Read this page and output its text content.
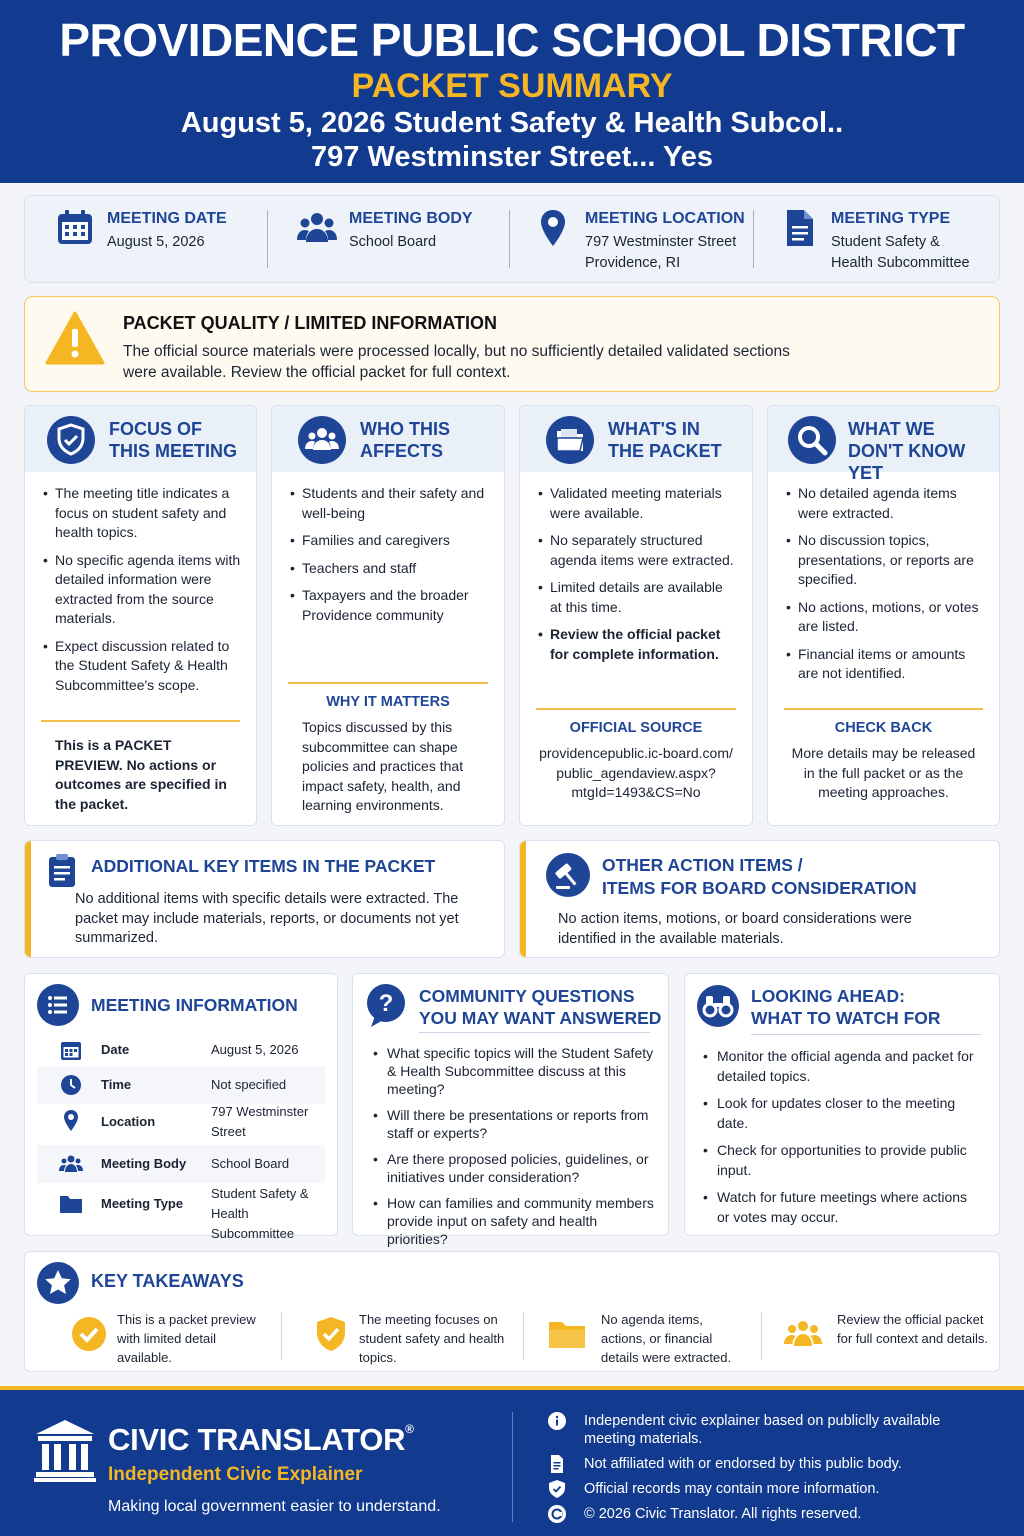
PROVIDENCE PUBLIC SCHOOL DISTRICT
PACKET SUMMARY
August 5, 2026 Student Safety & Health Subcol..
797 Westminster Street... Yes
MEETING DATE
August 5, 2026
MEETING BODY
School Board
MEETING LOCATION
797 Westminster Street
Providence, RI
MEETING TYPE
Student Safety &
Health Subcommittee
PACKET QUALITY / LIMITED INFORMATION
The official source materials were processed locally, but no sufficiently detailed validated sections were available. Review the official packet for full context.
FOCUS OF
THIS MEETING
• The meeting title indicates a focus on student safety and health topics.
• No specific agenda items with detailed information were extracted from the source materials.
• Expect discussion related to the Student Safety & Health Subcommittee's scope.
This is a PACKET PREVIEW. No actions or outcomes are specified in the packet.
WHO THIS
AFFECTS
• Students and their safety and well-being
• Families and caregivers
• Teachers and staff
• Taxpayers and the broader Providence community
WHY IT MATTERS
Topics discussed by this subcommittee can shape policies and practices that impact safety, health, and learning environments.
WHAT'S IN
THE PACKET
• Validated meeting materials were available.
• No separately structured agenda items were extracted.
• Limited details are available at this time.
• Review the official packet for complete information.
OFFICIAL SOURCE
providencepublic.ic-board.com/
public_agendaview.aspx?
mtgId=1493&CS=No
WHAT WE
DON'T KNOW YET
• No detailed agenda items were extracted.
• No discussion topics, presentations, or reports are specified.
• No actions, motions, or votes are listed.
• Financial items or amounts are not identified.
CHECK BACK
More details may be released in the full packet or as the meeting approaches.
ADDITIONAL KEY ITEMS IN THE PACKET
No additional items with specific details were extracted. The packet may include materials, reports, or documents not yet summarized.
OTHER ACTION ITEMS /
ITEMS FOR BOARD CONSIDERATION
No action items, motions, or board considerations were identified in the available materials.
MEETING INFORMATION
Date	August 5, 2026
Time	Not specified
Location
797 Westminster Street
Meeting Body School Board
Meeting Type
Student Safety &
Health Subcommittee
? COMMUNITY QUESTIONS
YOU MAY WANT ANSWERED
• What specific topics will the Student Safety & Health Subcommittee discuss at this meeting?
• Will there be presentations or reports from staff or experts?
• Are there proposed policies, guidelines, or initiatives under consideration?
• How can families and community members provide input on safety and health priorities?
LOOKING AHEAD:
WHAT TO WATCH FOR
• Monitor the official agenda and packet for detailed topics.
• Look for updates closer to the meeting date.
• Check for opportunities to provide public input.
• Watch for future meetings where actions or votes may occur.
KEY TAKEAWAYS
This is a packet preview with limited detail available.
The meeting focuses on student safety and health topics.
No agenda items, actions, or financial details were extracted.
Review the official packet for full context and details.
CIVIC TRANSLATOR®
Independent Civic Explainer
Making local government easier to understand.
Independent civic explainer based on publiclly available meeting materials.
Not affiliated with or endorsed by this public body.
Official records may contain more information.
© 2026 Civic Translator. All rights reserved.
